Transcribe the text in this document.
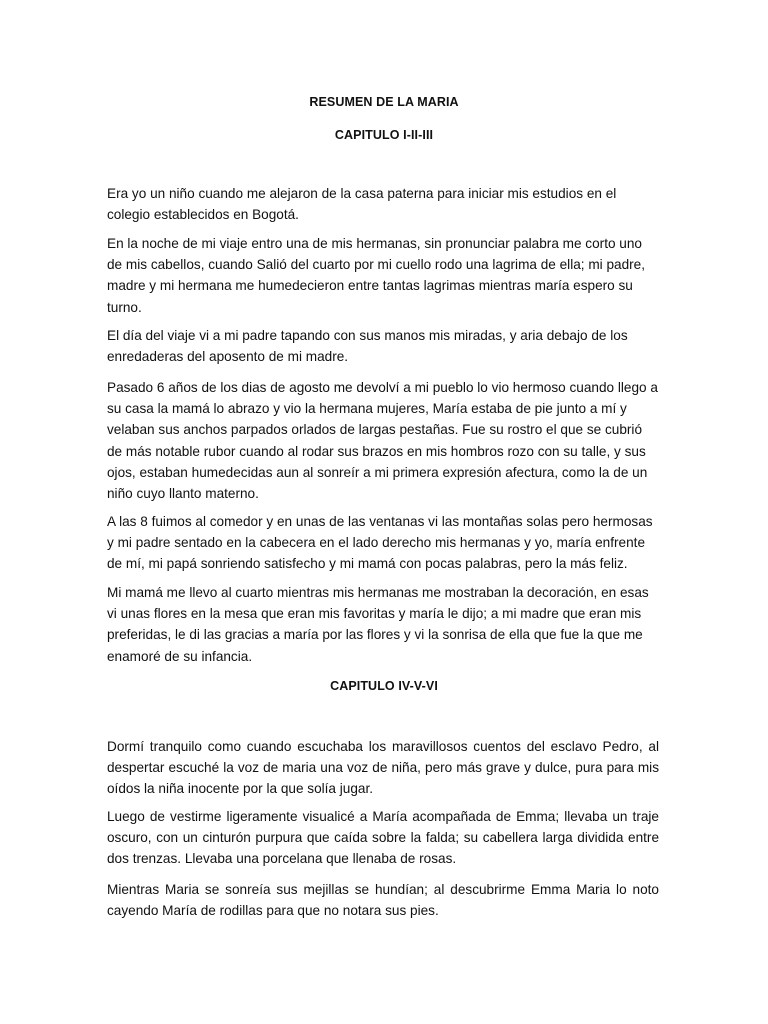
RESUMEN DE LA MARIA
CAPITULO I-II-III

Era yo un niño cuando me alejaron de la casa paterna para iniciar mis estudios en el colegio establecidos en Bogotá.

En la noche de mi viaje entro una de mis hermanas, sin pronunciar palabra me corto uno de mis cabellos, cuando Salió del cuarto por mi cuello rodo una lagrima de ella; mi padre, madre y mi hermana me humedecieron entre tantas lagrimas mientras maría espero su turno.

El día del viaje vi a mi padre tapando con sus manos mis miradas, y aria debajo de los enredaderas del aposento de mi madre.

Pasado 6 años de los dias de agosto me devolví a mi pueblo lo vio hermoso cuando llego a su casa la mamá lo abrazo y vio la hermana mujeres, María estaba de pie junto a mí y velaban sus anchos parpados orlados de largas pestañas. Fue su rostro el que se cubrió de más notable rubor cuando al rodar sus brazos en mis hombros rozo con su talle, y sus ojos, estaban humedecidas aun al sonreír a mi primera expresión afectura, como la de un niño cuyo llanto materno.

A las 8 fuimos al comedor y en unas de las ventanas vi las montañas solas pero hermosas y mi padre sentado en la cabecera en el lado derecho mis hermanas y yo, maría enfrente de mí, mi papá sonriendo satisfecho y mi mamá con pocas palabras, pero la más feliz.

Mi mamá me llevo al cuarto mientras mis hermanas me mostraban la decoración, en esas vi unas flores en la mesa que eran mis favoritas y maría le dijo; a mi madre que eran mis preferidas, le di las gracias a maría por las flores y vi la sonrisa de ella que fue la que me enamoré de su infancia.

CAPITULO IV-V-VI

Dormí tranquilo como cuando escuchaba los maravillosos cuentos del esclavo Pedro, al despertar escuché la voz de maria una voz de niña, pero más grave y dulce, pura para mis oídos la niña inocente por la que solía jugar.

Luego de vestirme ligeramente visualicé a María acompañada de Emma; llevaba un traje oscuro, con un cinturón purpura que caída sobre la falda; su cabellera larga dividida entre dos trenzas. Llevaba una porcelana que llenaba de rosas.

Mientras Maria se sonreía sus mejillas se hundían; al descubrirme Emma Maria lo noto cayendo María de rodillas para que no notara sus pies.
